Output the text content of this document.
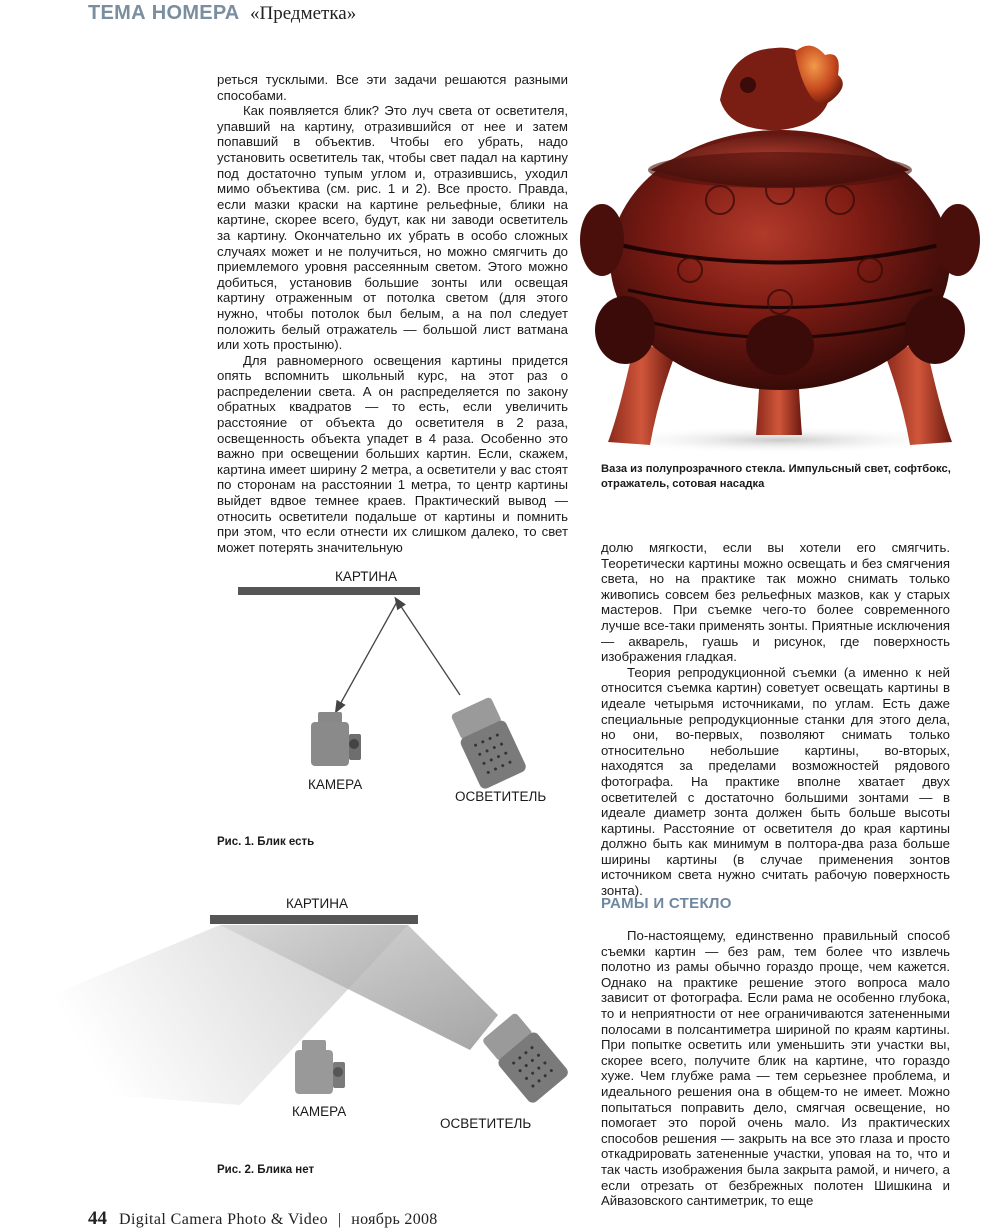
ТЕМА НОМЕРА «Предметка»

реться тусклыми. Все эти задачи решаются разными способами.

Как появляется блик? Это луч света от осветителя, упавший на картину, отразившийся от нее и затем попавший в объектив. Чтобы его убрать, надо установить осветитель так, чтобы свет падал на картину под достаточно тупым углом и, отразившись, уходил мимо объектива (см. рис. 1 и 2). Все просто. Правда, если мазки краски на картине рельефные, блики на картине, скорее всего, будут, как ни заводи осветитель за картину. Окончательно их убрать в особо сложных случаях может и не получиться, но можно смягчить до приемлемого уровня рассеянным светом. Этого можно добиться, установив большие зонты или освещая картину отраженным от потолка светом (для этого нужно, чтобы потолок был белым, а на пол следует положить белый отражатель — большой лист ватмана или хоть простыню).

Для равномерного освещения картины придется опять вспомнить школьный курс, на этот раз о распределении света. А он распределяется по закону обратных квадратов — то есть, если увеличить расстояние от объекта до осветителя в 2 раза, освещенность объекта упадет в 4 раза. Особенно это важно при освещении больших картин. Если, скажем, картина имеет ширину 2 метра, а осветители у вас стоят по сторонам на расстоянии 1 метра, то центр картины выйдет вдвое темнее краев. Практический вывод — относить осветители подальше от картины и помнить при этом, что если отнести их слишком далеко, то свет может потерять значительную

Ваза из полупрозрачного стекла. Импульсный свет, софтбокс, отражатель, сотовая насадка

долю мягкости, если вы хотели его смягчить. Теоретически картины можно освещать и без смягчения света, но на практике так можно снимать только живопись совсем без рельефных мазков, как у старых мастеров. При съемке чего-то более современного лучше все-таки применять зонты. Приятные исключения — акварель, гуашь и рисунок, где поверхность изображения гладкая.

Теория репродукционной съемки (а именно к ней относится съемка картин) советует освещать картины в идеале четырьмя источниками, по углам. Есть даже специальные репродукционные станки для этого дела, но они, во-первых, позволяют снимать только относительно небольшие картины, во-вторых, находятся за пределами возможностей рядового фотографа. На практике вполне хватает двух осветителей с достаточно большими зонтами — в идеале диаметр зонта должен быть больше высоты картины. Расстояние от осветителя до края картины должно быть как минимум в полтора-два раза больше ширины картины (в случае применения зонтов источником света нужно считать рабочую поверхность зонта).

РАМЫ И СТЕКЛО

По-настоящему, единственно правильный способ съемки картин — без рам, тем более что извлечь полотно из рамы обычно гораздо проще, чем кажется. Однако на практике решение этого вопроса мало зависит от фотографа. Если рама не особенно глубока, то и неприятности от нее ограничиваются затененными полосами в полсантиметра шириной по краям картины. При попытке осветить или уменьшить эти участки вы, скорее всего, получите блик на картине, что гораздо хуже. Чем глубже рама — тем серьезнее проблема, и идеального решения она в общем-то не имеет. Можно попытаться поправить дело, смягчая освещение, но помогает это порой очень мало. Из практических способов решения — закрыть на все это глаза и просто откадрировать затененные участки, уповая на то, что и так часть изображения была закрыта рамой, и ничего, а если отрезать от безбрежных полотен Шишкина и Айвазовского сантиметрик, то еще

КАРТИНА
КАМЕРА
ОСВЕТИТЕЛЬ
Рис. 1. Блик есть
КАРТИНА
КАМЕРА
ОСВЕТИТЕЛЬ
Рис. 2. Блика нет
44 Digital Camera Photo & Video | ноябрь 2008
